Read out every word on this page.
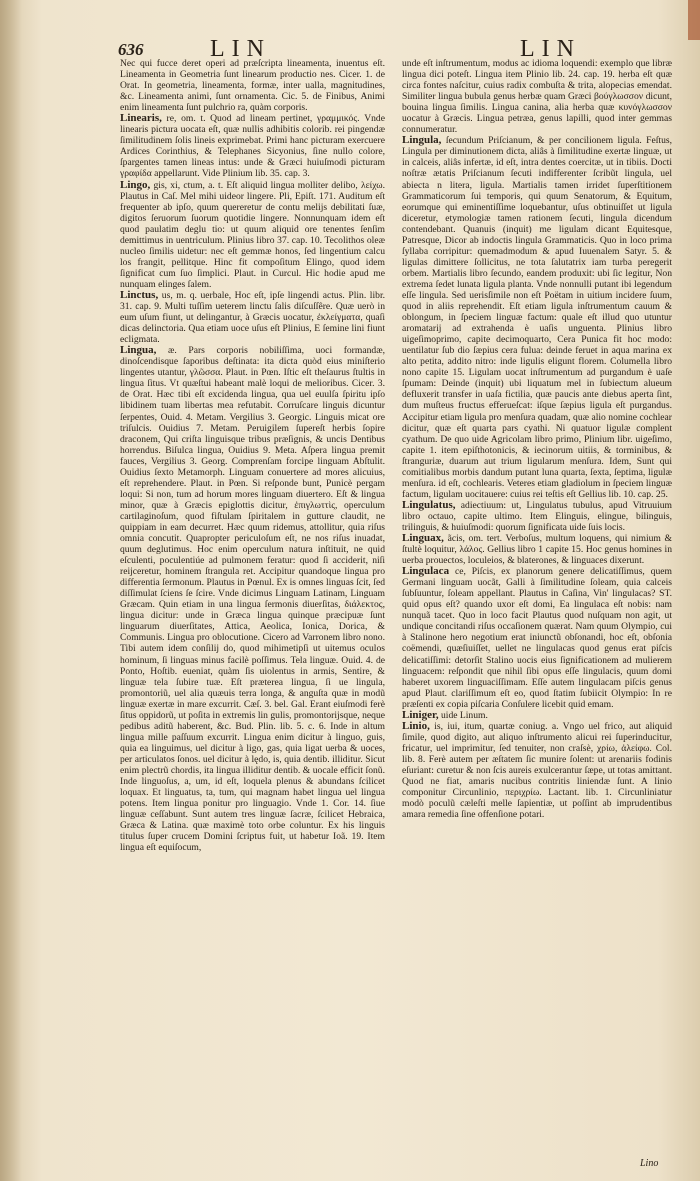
636	LIN	LIN

Nec qui fucce deret operi ad præſcripta lineamenta, inuentus eſt. Lineamenta in Geometria ſunt linearum productio nes. Cicer. 1. de Orat. In geometria, lineamenta, formæ, inter ualla, magnitudines, &c. Lineamenta animi, ſunt ornamenta. Cic. 5. de Finibus, Animi enim lineamenta ſunt pulchrio ra, quàm corporis.

Linearis, re, om. t. Quod ad lineam pertinet, γραμμικός. Vnde linearis pictura uocata eſt, quæ nullis adhibitis colorib. rei pingendæ ſimilitudinem ſolis lineis exprimebat. Primi hanc picturam exercuere Ardices Corinthius, & Telephanes Sicyonius, ſine nullo colore, ſpargentes tamen lineas intus: unde & Græci huiuſmodi picturam γραφίδα appellarunt. Vide Plinium lib. 35. cap. 3.

Lingo, gis, xi, ctum, a. t. Eſt aliquid lingua molliter delibo, λείχω. Plautus in Caſ. Mel mihi uideor lingere. Pli, Epiſt. 171. Auditum eſt frequenter ab ipſo, quum quereretur de contu melijs debilitati ſuæ, digitos ſeruorum ſuorum quotidie lingere. Nonnunquam idem eſt quod paulatim deglu tio: ut quum aliquid ore tenentes ſenſim demittimus in uentriculum. Plinius libro 37. cap. 10. Tecolithos oleæ nucleo ſimilis uidetur: nec eſt gemmæ honos, ſed lingentium calcu los frangit, pellitque. Hinc fit compoſitum Elingo, quod idem ſignificat cum ſuo ſimplici. Plaut. in Curcul. Hic hodie apud me nunquam elinges ſalem.

Linctus, us, m. q. uerbale, Hoc eſt, ipſe lingendi actus. Plin. libr. 31. cap. 9. Multi tuſſim ueterem linctu ſalis diſcuſſêre. Quæ uerò in eum uſum fiunt, ut delingantur, à Græcis uocatur, ἐκλείγματα, quaſi dicas delinctoria. Qua etiam uoce uſus eſt Plinius, E ſemine lini fiunt ecligmata.

Lingua, æ. Pars corporis nobiliſſima, uoci formandæ, dinoſcendisque ſaporibus deſtinata: ita dicta quòd eius miniſterio lingentes utantur, γλῶσσα. Plaut. in Pœn. Iſtic eſt theſaurus ſtultis in lingua ſitus. Vt quæſtui habeant malè loqui de melioribus. Cicer. 3. de Orat. Hæc tibi eſt excidenda lingua, qua uel euulſa ſpiritu ipſo libidinem tuam libertas mea refutabit. Corruſcare linguis dicuntur ſerpentes, Ouid. 4. Metam. Vergilius 3. Georgic. Linguis micat ore triſulcis. Ouidius 7. Metam. Peruigilem ſupereſt herbis ſopire draconem, Qui criſta linguisque tribus præſignis, & uncis Dentibus horrendus. Biſulca lingua, Ouidius 9. Meta. Aſpera lingua premit fauces, Vergilius 3. Georg. Comprenſam forcipe linguam Abſtulit. Ouidius ſexto Metamorph. Linguam conuertere ad mores alicuius, eſt reprehendere. Plaut. in Pœn. Si reſponde bunt, Punicè pergam loqui: Si non, tum ad horum mores linguam diuertero. Eſt & lingua minor, quæ à Græcis epiglottis dicitur, ἐπιγλωττὶς, operculum cartilaginoſum, quod fiſtulam ſpiritalem in gutture claudit, ne quippiam in eam decurret. Hæc quum ridemus, attollitur, quia riſus omnia concutit. Quapropter periculoſum eſt, ne nos riſus inuadat, quum deglutimus. Hoc enim operculum natura inſtituit, ne quid eſculenti, poculentiúe ad pulmonem feratur: quod ſi acciderit, niſi reijceretur, hominem ſtrangula ret. Accipitur quandoque lingua pro differentia ſermonum. Plautus in Pœnul. Ex is omnes linguas ſcit, ſed diſſimulat ſciens ſe ſcire. Vnde dicimus Linguam Latinam, Linguam Græcam. Quin etiam in una lingua ſermonis diuerſitas, διάλεκτος, lingua dicitur: unde in Græca lingua quinque præcipuæ ſunt linguarum diuerſitates, Attica, Aeolica, Ionica, Dorica, & Communis. Lingua pro oblocutione. Cicero ad Varronem libro nono. Tibi autem idem conſilij do, quod mihimetipſi ut uitemus oculos hominum, ſi linguas minus facilè poſſimus. Tela linguæ. Ouid. 4. de Ponto, Hoſtib. eueniat, quàm ſis uiolentus in armis, Sentire, & linguæ tela ſubire tuæ. Eſt præterea lingua, ſi ue lingula, promontoriũ, uel alia quæuis terra longa, & anguſta quæ in modũ linguæ exertæ in mare excurrit. Cæſ. 3. bel. Gal. Erant eiuſmodi ferè ſitus oppidorũ, ut poſita in extremis lin gulis, promontorijsque, neque pedibus aditũ haberent, &c. Bud. Plin. lib. 5. c. 6. Inde in altum lingua mille paſſuum excurrit. Lingua enim dicitur à linguo, guis, quia ea linguimus, uel dicitur à ligo, gas, quia ligat uerba & uoces, per articulatos ſonos. uel dicitur à lędo, is, quia dentib. illiditur. Sicut enim plectrũ chordis, ita lingua illiditur dentib. & uocale efficit ſonũ. Inde linguoſus, a, um, id eſt, loquela plenus & abundans ſcilicet loquax. Et linguatus, ta, tum, qui magnam habet lingua uel lingua potens. Item lingua ponitur pro linguagio. Vnde 1. Cor. 14. ſiue linguæ ceſſabunt. Sunt autem tres linguæ ſacræ, ſcilicet Hebraica, Græca & Latina. quæ maximè toto orbe coluntur. Ex his linguis titulus ſuper crucem Domini ſcriptus fuit, ut habetur Ioã. 19. Item lingua eſt equiſocum,

unde eſt inſtrumentum, modus ac idioma loquendi: exemplo que libræ lingua dici poteſt. Lingua item Plinio lib. 24. cap. 19. herba eſt quæ circa fontes naſcitur, cuius radix combuſta & trita, alopecias emendat. Similiter lingua bubula genus herbæ quam Græci βούγλωσσον dicunt, bouina lingua ſimilis. Lingua canina, alia herba quæ κυνόγλωσσον uocatur à Græcis. Lingua petræa, genus lapilli, quod inter gemmas connumeratur.

Lingula, ſecundum Priſcianum, & per concilionem ligula. Feſtus, Lingula per diminutionem dicta, aliâs à ſimilitudine exertæ linguæ, ut in calceis, aliâs infertæ, id eſt, intra dentes coercitæ, ut in tibiis. Docti noſtræ ætatis Priſcianum ſecuti indifferenter ſcribũt lingula, uel abiecta n litera, ligula. Martialis tamen irridet ſuperſtitionem Grammaticorum ſui temporis, qui quum Senatorum, & Equitum, eorumque qui eminentiſſime loquebantur, uſus obtinuiſſet ut ligula diceretur, etymologiæ tamen rationem ſecuti, lingula dicendum contendebant. Quanuis (inquit) me ligulam dicant Equitesque, Patresque, Dicor ab indoctis lingula Grammaticis. Quo in loco prima ſyllaba corripitur: quemadmodum & apud Iuuenalem Satyr. 5. & ligulas dimittere ſollicitus, ne tota ſalutatrix iam turba peregerit orbem. Martialis libro ſecundo, eandem produxit: ubi ſic legitur, Non extrema ſedet lunata ligula planta. Vnde nonnulli putant ibi legendum eſſe lingula. Sed uerisſimile non eſt Poëtam in uitium incidere ſuum, quod in aliis reprehendit. Eſt etiam ligula inſtrumentum cauum & oblongum, in ſpeciem linguæ factum: quale eſt illud quo utuntur aromatarij ad extrahenda è uaſis unguenta. Plinius libro uigeſimoprimo, capite decimoquarto, Cera Punica fit hoc modo: uentilatur ſub dio ſæpius cera fulua: deinde feruet in aqua marina ex alto petita, addito nitro: inde ligulis eligunt florem. Columella libro nono capite 15. Ligulam uocat inſtrumentum ad purgandum è uaſe ſpumam: Deinde (inquit) ubi liquatum mel in ſubiectum alueum defluxerit transfer in uaſa fictilia, quæ paucis ante diebus aperta ſint, dum muſteus fructus efferueſcat: iſque ſæpius ligula eſt purgandus. Accipitur etiam ligula pro menſura quadam, quæ alio nomine cochlear dicitur, quæ eſt quarta pars cyathi. Ni quatuor ligulæ complent cyathum. De quo uide Agricolam libro primo, Plinium libr. uigeſimo, capite 1. item epiſthotonicis, & iecinorum uitiis, & torminibus, & ſtranguriæ, duarum aut trium ligularum menſura. Idem, Sunt qui comitialibus morbis dandum putant luna quarta, ſexta, ſeptima, ligulæ menſura. id eſt, cochlearis. Veteres etiam gladiolum in ſpeciem linguæ factum, ligulam uocitauere: cuius rei teſtis eſt Gellius lib. 10. cap. 25.

Lingulatus, adiectiuum: ut, Lingulatus tubulus, apud Vitruuium libro octauo, capite ultimo. Item Elinguis, elingue, bilinguis, trilinguis, & huiuſmodi: quorum ſignificata uide ſuis locis.

Linguax, ãcis, om. tert. Verboſus, multum loquens, qui nimium & ſtultè loquitur, λάλος. Gellius libro 1 capite 15. Hoc genus homines in uerba prouectos, loculeios, & blaterones, & linguaces dixerunt.

Lingulaca ce, Piſcis, ex planorum genere delicatiſſimus, quem Germani linguam uocãt, Galli à ſimilitudine ſoleam, quia calceis ſubſuuntur, ſoleam appellant. Plautus in Caſina, Vin' lingulacas? ST. quid opus eſt? quando uxor eſt domi, Ea lingulaca eſt nobis: nam nunquã tacet. Quo in loco facit Plautus quod nuſquam non agit, ut undique concitandi riſus occaſionem quærat. Nam quum Olympio, cui à Stalinone hero negotium erat iniunctũ obſonandi, hoc eſt, obſonia coëmendi, quæſiuiſſet, uellet ne lingulacas quod genus erat piſcis delicatiſſimi: detorſit Stalino uocis eius ſignificationem ad mulierem linguacem: reſpondit que nihil ſibi opus eſſe lingulacis, quum domi haberet uxorem linguaciſſimam. Eſſe autem lingulacam piſcis genus apud Plaut. clariſſimum eſt eo, quod ſtatim ſubiicit Olympio: In re præſenti ex copia piſcaria Conſulere licebit quid emam.

Liniger, uide Linum.

Linio, is, iui, itum, quartæ coniug. a. Vngo uel frico, aut aliquid ſimile, quod digito, aut aliquo inſtrumento alicui rei ſuperinducitur, fricatur, uel imprimitur, ſed tenuiter, non craſsè, χρίω, ἀλείφω. Col. lib. 8. Ferè autem per æſtatem ſic munire ſolent: ut arenariis fodinis eſuriant: curetur & non ſcis aureis exulcerantur ſæpe, ut totas amittant. Quod ne fiat, amaris nucibus contritis liniendæ ſunt. A linio componitur Circunlinio, περιχρίω. Lactant. lib. 1. Circunliniatur modò poculũ cæleſti melle ſapientiæ, ut poſſint ab imprudentibus amara remedia ſine offenſione potari.

Lino
